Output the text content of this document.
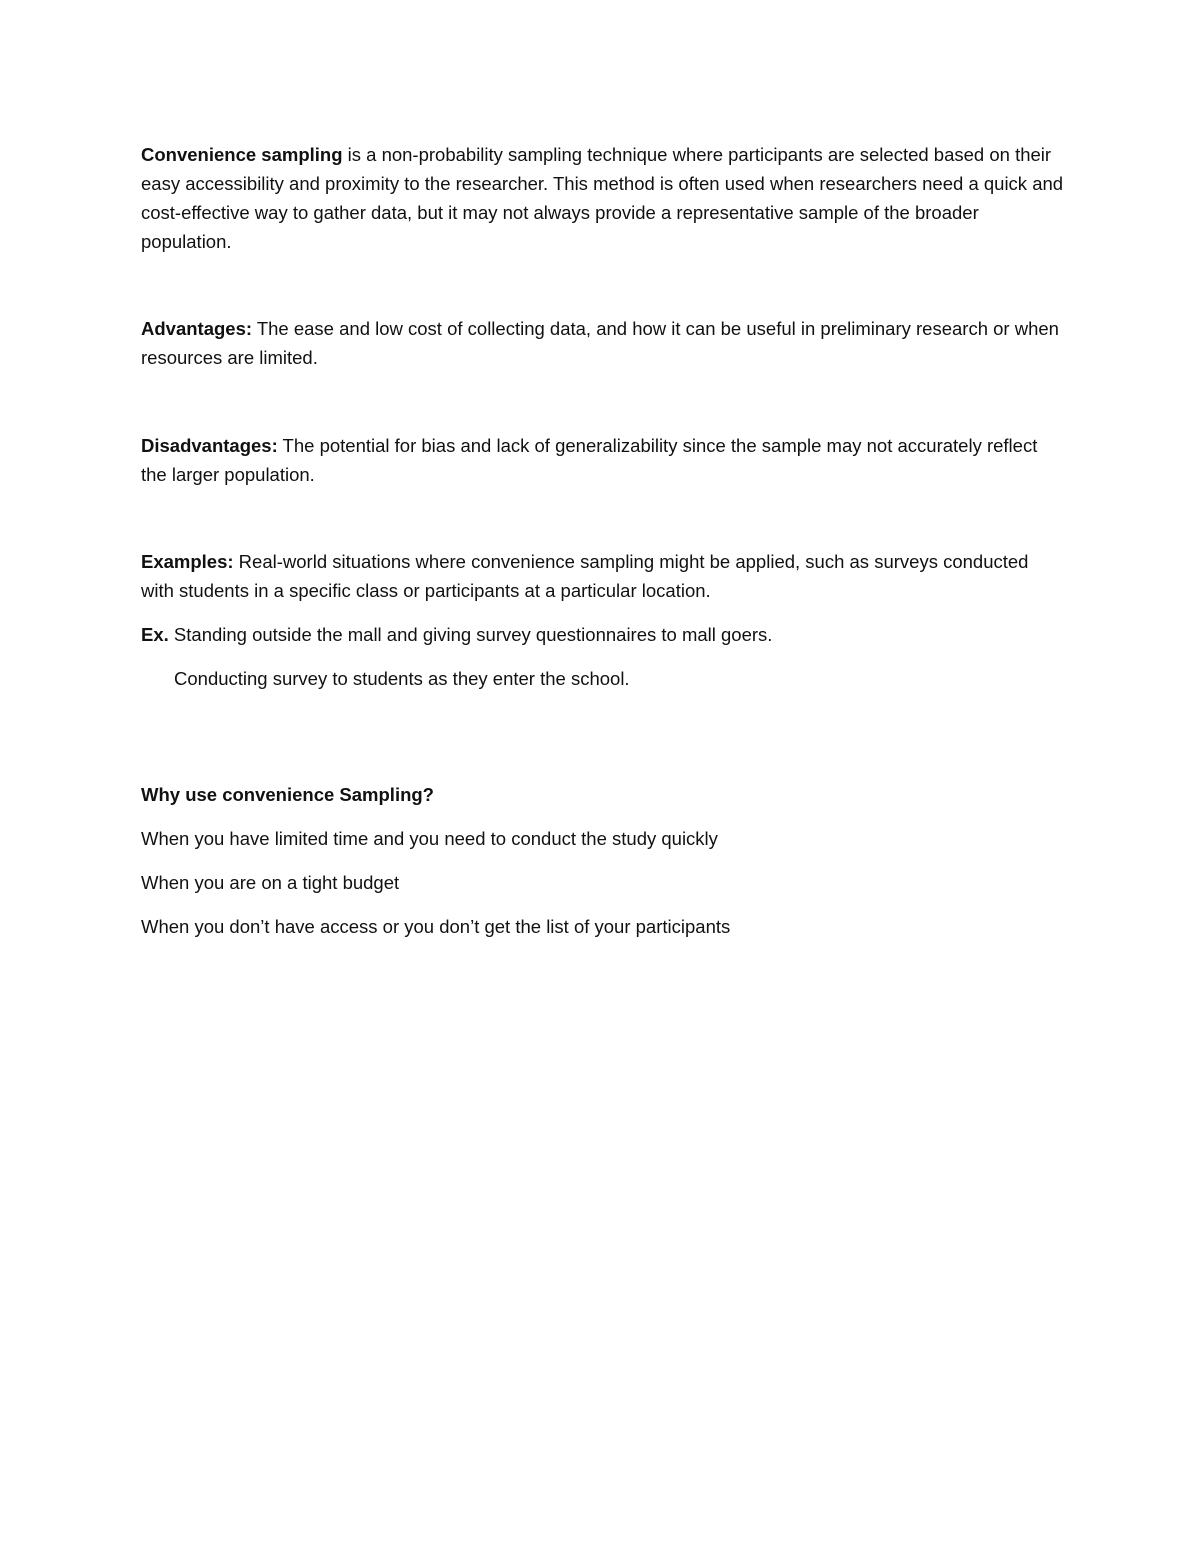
Convenience sampling is a non-probability sampling technique where participants are selected based on their easy accessibility and proximity to the researcher. This method is often used when researchers need a quick and cost-effective way to gather data, but it may not always provide a representative sample of the broader population.

Advantages: The ease and low cost of collecting data, and how it can be useful in preliminary research or when resources are limited.

Disadvantages: The potential for bias and lack of generalizability since the sample may not accurately reflect the larger population.

Examples: Real-world situations where convenience sampling might be applied, such as surveys conducted with students in a specific class or participants at a particular location.

Ex. Standing outside the mall and giving survey questionnaires to mall goers.

Conducting survey to students as they enter the school.

Why use convenience Sampling?

When you have limited time and you need to conduct the study quickly

When you are on a tight budget

When you don’t have access or you don’t get the list of your participants
